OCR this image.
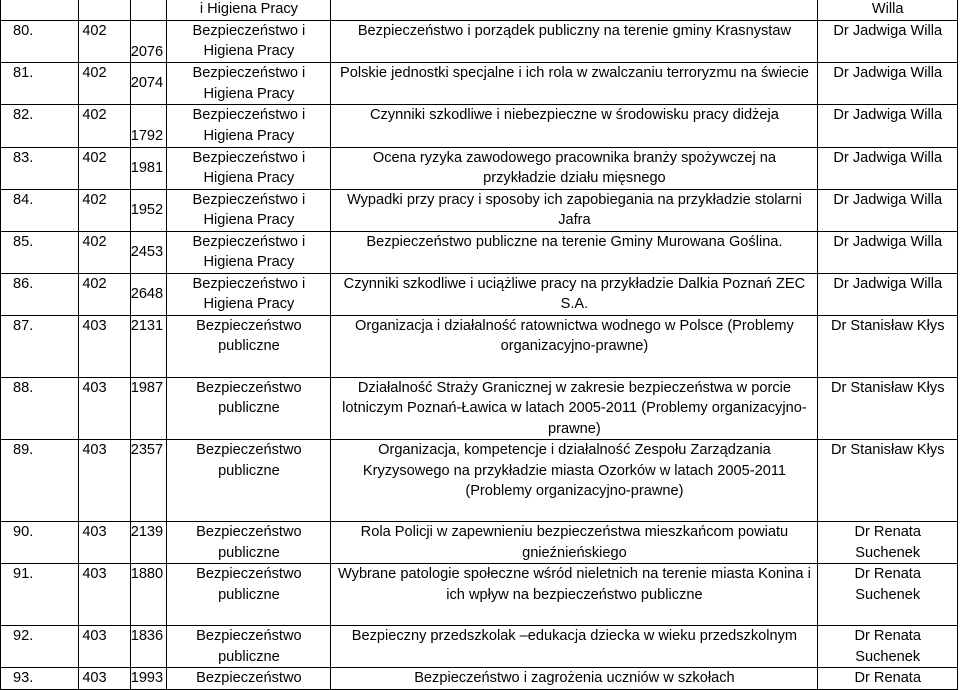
			i Higiena Pracy		Willa
80.	402	2076	Bezpieczeństwo i Higiena Pracy	Bezpieczeństwo i porządek publiczny na terenie gminy Krasnystaw	Dr Jadwiga Willa
81.	402	2074	Bezpieczeństwo i Higiena Pracy	Polskie jednostki specjalne i ich rola w zwalczaniu terroryzmu na świecie	Dr Jadwiga Willa
82.	402	1792	Bezpieczeństwo i Higiena Pracy	Czynniki szkodliwe i niebezpieczne w środowisku pracy didżeja	Dr Jadwiga Willa
83.	402	1981	Bezpieczeństwo i Higiena Pracy	Ocena ryzyka zawodowego pracownika branży spożywczej na przykładzie działu mięsnego	Dr Jadwiga Willa
84.	402	1952	Bezpieczeństwo i Higiena Pracy	Wypadki przy pracy i sposoby ich zapobiegania na przykładzie stolarni Jafra	Dr Jadwiga Willa
85.	402	2453	Bezpieczeństwo i Higiena Pracy	Bezpieczeństwo publiczne na terenie Gminy Murowana Goślina.	Dr Jadwiga Willa
86.	402	2648	Bezpieczeństwo i Higiena Pracy	Czynniki szkodliwe i uciążliwe pracy na przykładzie Dalkia Poznań ZEC S.A.	Dr Jadwiga Willa
87.	403	2131	Bezpieczeństwo publiczne	Organizacja i działalność ratownictwa wodnego w Polsce (Problemy organizacyjno-prawne)	Dr Stanisław Kłys
88.	403	1987	Bezpieczeństwo publiczne	Działalność Straży Granicznej w zakresie bezpieczeństwa w porcie lotniczym Poznań-Ławica w latach 2005-2011 (Problemy organizacyjno-prawne)	Dr Stanisław Kłys
89.	403	2357	Bezpieczeństwo publiczne	Organizacja, kompetencje i działalność Zespołu Zarządzania Kryzysowego na przykładzie miasta Ozorków w latach 2005-2011 (Problemy organizacyjno-prawne)	Dr Stanisław Kłys
90.	403	2139	Bezpieczeństwo publiczne	Rola Policji w zapewnieniu bezpieczeństwa mieszkańcom powiatu gnieźnieńskiego	Dr Renata Suchenek
91.	403	1880	Bezpieczeństwo publiczne	Wybrane patologie społeczne wśród nieletnich na terenie miasta Konina i ich wpływ na bezpieczeństwo publiczne	Dr Renata Suchenek
92.	403	1836	Bezpieczeństwo publiczne	Bezpieczny przedszkolak –edukacja dziecka w wieku przedszkolnym	Dr Renata Suchenek
93.	403	1993	Bezpieczeństwo	Bezpieczeństwo i zagrożenia uczniów w szkołach	Dr Renata
